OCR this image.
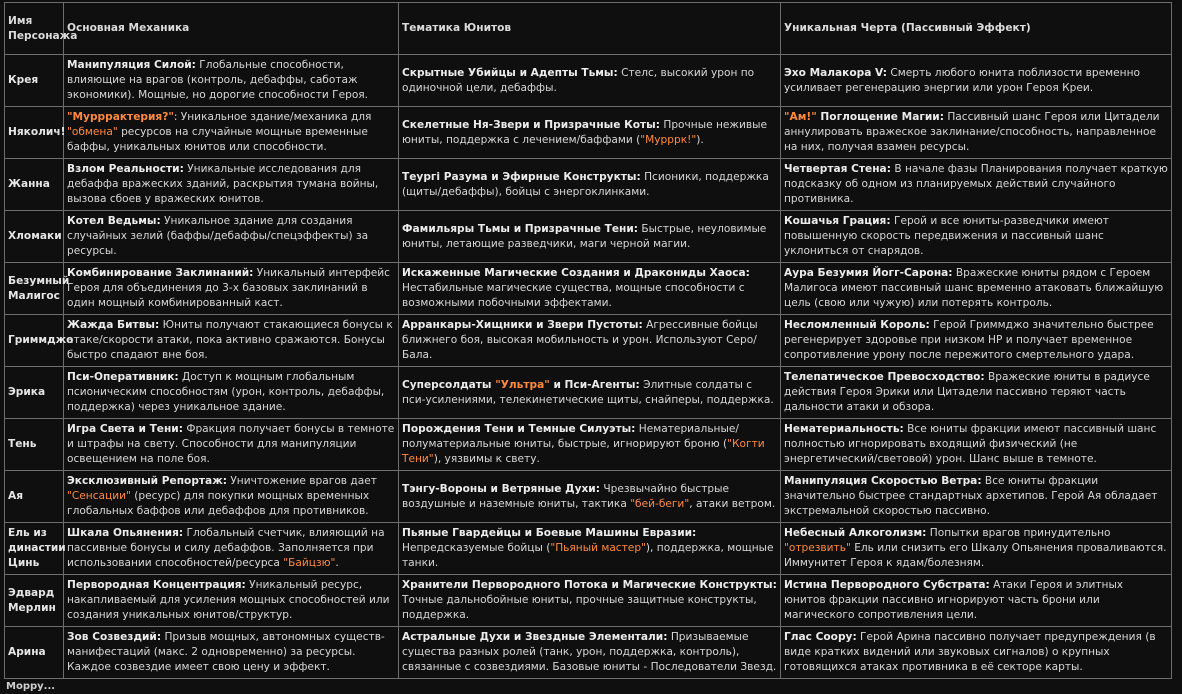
Имя Персонажа	Основная Механика	Тематика Юнитов	Уникальная Черта (Пассивный Эффект)
Крея	Манипуляция Силой: Глобальные способности, влияющие на врагов (контроль, дебаффы, саботаж экономики). Мощные, но дорогие способности Героя.	Скрытные Убийцы и Адепты Тьмы: Стелс, высокий урон по одиночной цели, дебаффы.	Эхо Малакора V: Смерть любого юнита поблизости временно усиливает регенерацию энергии или урон Героя Креи.
Няколич!	"Мурррактерия?": Уникальное здание/механика для "обмена" ресурсов на случайные мощные временные баффы, уникальных юнитов или способности.	Скелетные Ня-Звери и Призрачные Коты: Прочные неживые юниты, поддержка с лечением/баффами ("Мурррк!").	"Ам!" Поглощение Магии: Пассивный шанс Героя или Цитадели аннулировать вражеское заклинание/способность, направленное на них, получая взамен ресурсы.
Жанна	Взлом Реальности: Уникальные исследования для дебаффа вражеских зданий, раскрытия тумана войны, вызова сбоев у вражеских юнитов.	Теургі Разума и Эфирные Конструкты: Псионики, поддержка (щиты/дебаффы), бойцы с энергоклинками.	Четвертая Стена: В начале фазы Планирования получает краткую подсказку об одном из планируемых действий случайного противника.
Хломаки	Котел Ведьмы: Уникальное здание для создания случайных зелий (баффы/дебаффы/спецэффекты) за ресурсы.	Фамильяры Тьмы и Призрачные Тени: Быстрые, неуловимые юниты, летающие разведчики, маги черной магии.	Кошачья Грация: Герой и все юниты-разведчики имеют повышенную скорость передвижения и пассивный шанс уклониться от снарядов.
Безумный Малигос	Комбинирование Заклинаний: Уникальный интерфейс Героя для объединения до 3-х базовых заклинаний в один мощный комбинированный каст.	Искаженные Магические Создания и Дракониды Хаоса: Нестабильные магические существа, мощные способности с возможными побочными эффектами.	Аура Безумия Йогг-Сарона: Вражеские юниты рядом с Героем Малигоса имеют пассивный шанс временно атаковать ближайшую цель (свою или чужую) или потерять контроль.
Гриммджо	Жажда Битвы: Юниты получают стакающиеся бонусы к атаке/скорости атаки, пока активно сражаются. Бонусы быстро спадают вне боя.	Арранкары-Хищники и Звери Пустоты: Агрессивные бойцы ближнего боя, высокая мобильность и урон. Используют Серо/Бала.	Несломленный Король: Герой Гриммджо значительно быстрее регенерирует здоровье при низком HP и получает временное сопротивление урону после пережитого смертельного удара.
Эрика	Пси-Оперативник: Доступ к мощным глобальным псионическим способностям (урон, контроль, дебаффы, поддержка) через уникальное здание.	Суперсолдаты "Ультра" и Пси-Агенты: Элитные солдаты с пси-усилениями, телекинетические щиты, снайперы, поддержка.	Телепатическое Превосходство: Вражеские юниты в радиусе действия Героя Эрики или Цитадели пассивно теряют часть дальности атаки и обзора.
Тень	Игра Света и Тени: Фракция получает бонусы в темноте и штрафы на свету. Способности для манипуляции освещением на поле боя.	Порождения Тени и Темные Силуэты: Нематериальные/полуматериальные юниты, быстрые, игнорируют броню ("Когти Тени"), уязвимы к свету.	Нематериальность: Все юниты фракции имеют пассивный шанс полностью игнорировать входящий физический (не энергетический/световой) урон. Шанс выше в темноте.
Ая	Эксклюзивный Репортаж: Уничтожение врагов дает "Сенсации" (ресурс) для покупки мощных временных глобальных баффов или дебаффов для противников.	Тэнгу-Вороны и Ветряные Духи: Чрезвычайно быстрые воздушные и наземные юниты, тактика "бей-беги", атаки ветром.	Манипуляция Скоростью Ветра: Все юниты фракции значительно быстрее стандартных архетипов. Герой Ая обладает экстремальной скоростью пассивно.
Ель из династии Цинь	Шкала Опьянения: Глобальный счетчик, влияющий на пассивные бонусы и силу дебаффов. Заполняется при использовании способностей/ресурса "Байцзю".	Пьяные Гвардейцы и Боевые Машины Евразии: Непредсказуемые бойцы ("Пьяный мастер"), поддержка, мощные танки.	Небесный Алкоголизм: Попытки врагов принудительно "отрезвить" Ель или снизить его Шкалу Опьянения проваливаются. Иммунитет Героя к ядам/болезням.
Эдвард Мерлин	Первородная Концентрация: Уникальный ресурс, накапливаемый для усиления мощных способностей или создания уникальных юнитов/структур.	Хранители Первородного Потока и Магические Конструкты: Точные дальнобойные юниты, прочные защитные конструкты, поддержка.	Истина Первородного Субстрата: Атаки Героя и элитных юнитов фракции пассивно игнорируют часть брони или магического сопротивления цели.
Арина	Зов Созвездий: Призыв мощных, автономных существ-манифестаций (макс. 2 одновременно) за ресурсы. Каждое созвездие имеет свою цену и эффект.	Астральные Духи и Звездные Элементали: Призываемые существа разных ролей (танк, урон, поддержка, контроль), связанные с созвездиями. Базовые юниты - Последователи Звезд.	Глас Соору: Герой Арина пассивно получает предупреждения (в виде кратких видений или звуковых сигналов) о крупных готовящихся атаках противника в её секторе карты.
Морру...
